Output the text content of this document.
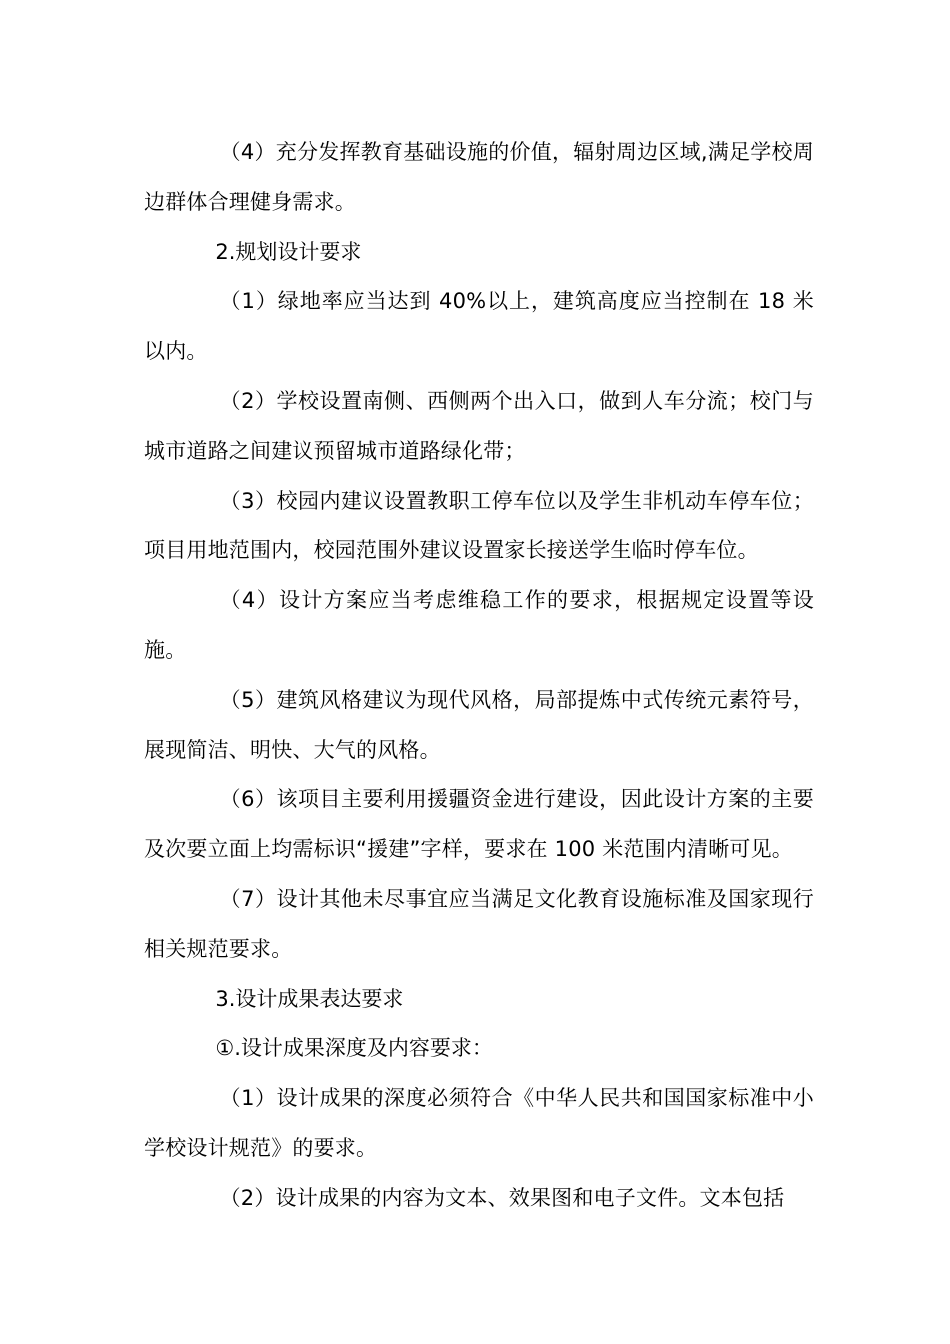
（4）充分发挥教育基础设施的价值，辐射周边区域,满足学校周边群体合理健身需求。

2.规划设计要求

（1）绿地率应当达到 40%以上，建筑高度应当控制在 18 米以内。

（2）学校设置南侧、西侧两个出入口，做到人车分流；校门与城市道路之间建议预留城市道路绿化带；

（3）校园内建议设置教职工停车位以及学生非机动车停车位；项目用地范围内，校园范围外建议设置家长接送学生临时停车位。

（4）设计方案应当考虑维稳工作的要求，根据规定设置等设施。

（5）建筑风格建议为现代风格，局部提炼中式传统元素符号，展现简洁、明快、大气的风格。

（6）该项目主要利用援疆资金进行建设，因此设计方案的主要及次要立面上均需标识“援建”字样，要求在 100 米范围内清晰可见。

（7）设计其他未尽事宜应当满足文化教育设施标准及国家现行相关规范要求。

3.设计成果表达要求

①.设计成果深度及内容要求：

（1）设计成果的深度必须符合《中华人民共和国国家标准中小学校设计规范》的要求。

（2）设计成果的内容为文本、效果图和电子文件。文本包括
